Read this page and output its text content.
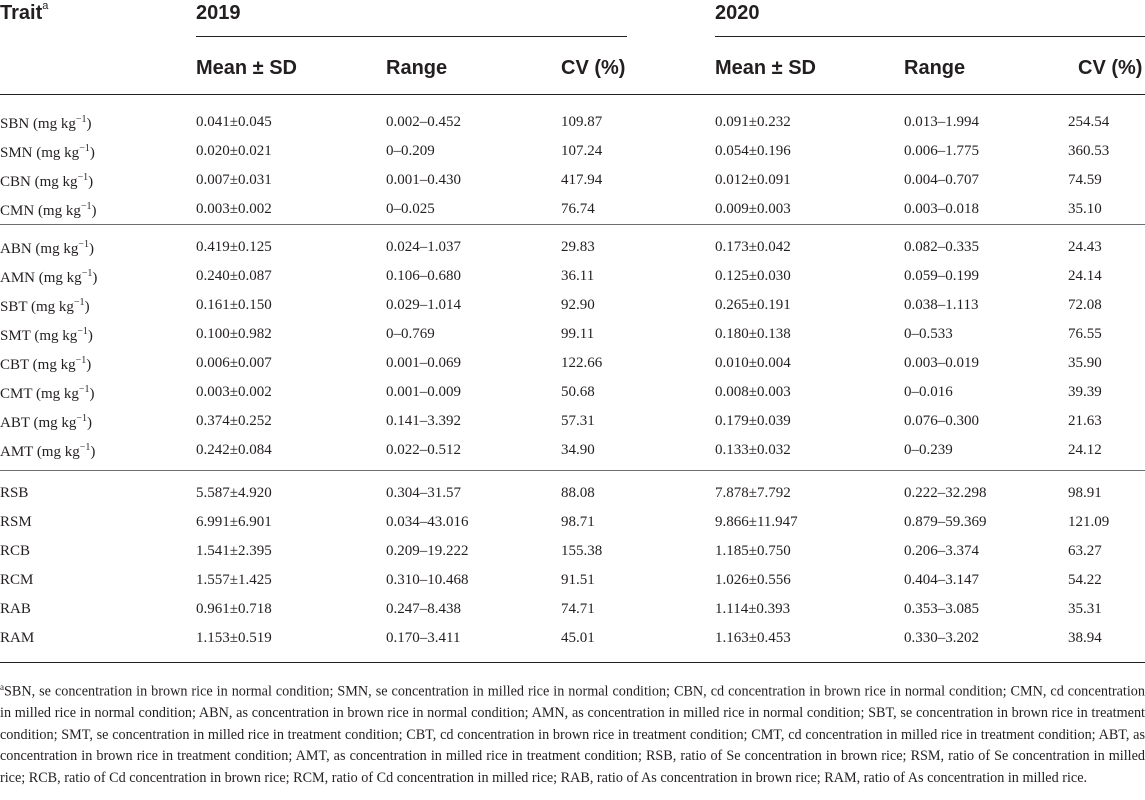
Trait$^a$	2019	2020
Mean ± SD	Range	CV (%)	Mean ± SD	Range	CV (%)
SBN (mg $kg^{-1}$)	0.041±0.045	0.002–0.452	109.87	0.091±0.232	0.013–1.994	254.54
SMN (mg $kg^{-1}$)	0.020±0.021	0–0.209	107.24	0.054±0.196	0.006–1.775	360.53
CBN (mg $kg^{-1}$)	0.007±0.031	0.001–0.430	417.94	0.012±0.091	0.004–0.707	74.59
CMN (mg $kg^{-1}$)	0.003±0.002	0–0.025	76.74	0.009±0.003	0.003–0.018	35.10
ABN (mg $kg^{-1}$)	0.419±0.125	0.024–1.037	29.83	0.173±0.042	0.082–0.335	24.43
AMN (mg $kg^{-1}$)	0.240±0.087	0.106–0.680	36.11	0.125±0.030	0.059–0.199	24.14
SBT (mg $kg^{-1}$)	0.161±0.150	0.029–1.014	92.90	0.265±0.191	0.038–1.113	72.08
SMT (mg $kg^{-1}$)	0.100±0.982	0–0.769	99.11	0.180±0.138	0–0.533	76.55
CBT (mg $kg^{-1}$)	0.006±0.007	0.001–0.069	122.66	0.010±0.004	0.003–0.019	35.90
CMT (mg $kg^{-1}$)	0.003±0.002	0.001–0.009	50.68	0.008±0.003	0–0.016	39.39
ABT (mg $kg^{-1}$)	0.374±0.252	0.141–3.392	57.31	0.179±0.039	0.076–0.300	21.63
AMT (mg $kg^{-1}$)	0.242±0.084	0.022–0.512	34.90	0.133±0.032	0–0.239	24.12
RSB	5.587±4.920	0.304–31.57	88.08	7.878±7.792	0.222–32.298	98.91
RSM	6.991±6.901	0.034–43.016	98.71	9.866±11.947	0.879–59.369	121.09
RCB	1.541±2.395	0.209–19.222	155.38	1.185±0.750	0.206–3.374	63.27
RCM	1.557±1.425	0.310–10.468	91.51	1.026±0.556	0.404–3.147	54.22
RAB	0.961±0.718	0.247–8.438	74.71	1.114±0.393	0.353–3.085	35.31
RAM	1.153±0.519	0.170–3.411	45.01	1.163±0.453	0.330–3.202	38.94
$^a$SBN, se concentration in brown rice in normal condition; SMN, se concentration in milled rice in normal condition; CBN, cd concentration in brown rice in normal condition; CMN, cd concentration in milled rice in normal condition; ABN, as concentration in brown rice in normal condition; AMN, as concentration in milled rice in normal condition; SBT, se concentration in brown rice in treatment condition; SMT, se concentration in milled rice in treatment condition; CBT, cd concentration in brown rice in treatment condition; CMT, cd concentration in milled rice in treatment condition; ABT, as concentration in brown rice in treatment condition; AMT, as concentration in milled rice in treatment condition; RSB, ratio of Se concentration in brown rice; RSM, ratio of Se concentration in milled rice; RCB, ratio of Cd concentration in brown rice; RCM, ratio of Cd concentration in milled rice; RAB, ratio of As concentration in brown rice; RAM, ratio of As concentration in milled rice.
